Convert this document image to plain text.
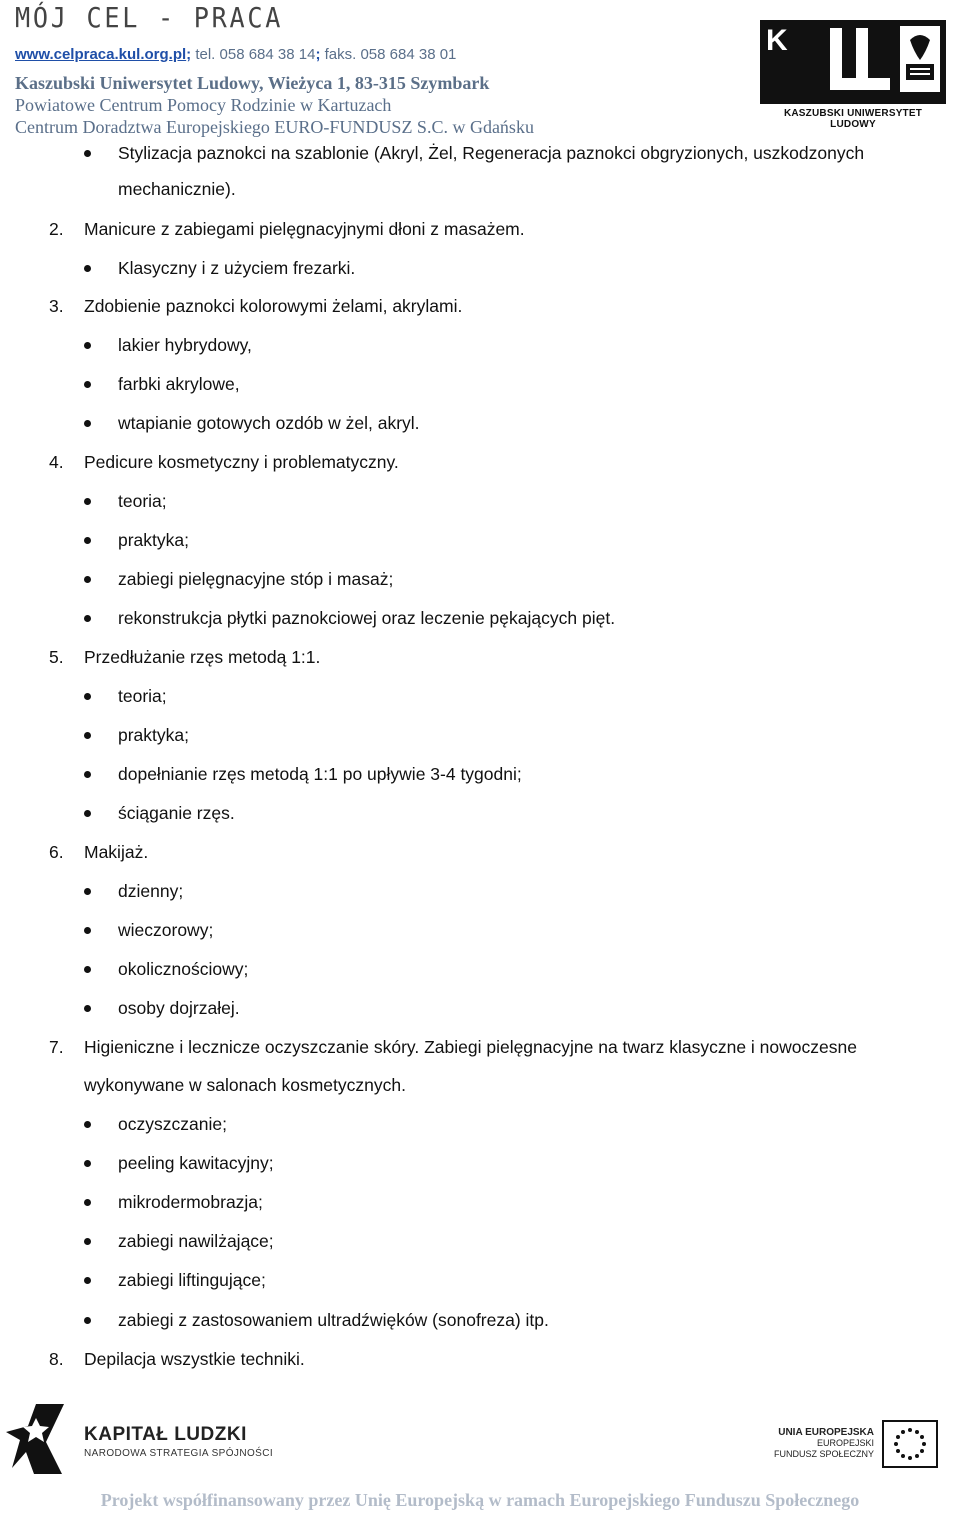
MÓJ CEL - PRACA
www.celpraca.kul.org.pl; tel. 058 684 38 14; faks. 058 684 38 01
Kaszubski Uniwersytet Ludowy, Wieżyca 1, 83-315 Szymbark
Powiatowe Centrum Pomocy Rodzinie w Kartuzach
Centrum Doradztwa Europejskiego EURO-FUNDUSZ S.C. w Gdańsku
K
KASZUBSKI UNIWERSYTET LUDOWY
Stylizacja paznokci na szablonie (Akryl, Żel, Regeneracja paznokci obgryzionych, uszkodzonych
mechanicznie).
2. Manicure z zabiegami pielęgnacyjnymi dłoni z masażem.
Klasyczny i z użyciem frezarki.
3. Zdobienie paznokci kolorowymi żelami, akrylami.
lakier hybrydowy,
farbki akrylowe,
wtapianie gotowych ozdób w żel, akryl.
4. Pedicure kosmetyczny i problematyczny.
teoria;
praktyka;
zabiegi pielęgnacyjne stóp i masaż;
rekonstrukcja płytki paznokciowej oraz leczenie pękających pięt.
5. Przedłużanie rzęs metodą 1:1.
teoria;
praktyka;
dopełnianie rzęs metodą 1:1 po upływie 3-4 tygodni;
ściąganie rzęs.
6. Makijaż.
dzienny;
wieczorowy;
okolicznościowy;
osoby dojrzałej.
7. Higieniczne i lecznicze oczyszczanie skóry. Zabiegi pielęgnacyjne na twarz klasyczne i nowoczesne
wykonywane w salonach kosmetycznych.
oczyszczanie;
peeling kawitacyjny;
mikrodermobrazja;
zabiegi nawilżające;
zabiegi liftingujące;
zabiegi z zastosowaniem ultradźwięków (sonofreza) itp.
8. Depilacja wszystkie techniki.
KAPITAŁ LUDZKI
NARODOWA STRATEGIA SPÓJNOŚCI
UNIA EUROPEJSKA
EUROPEJSKI
FUNDUSZ SPOŁECZNY
Projekt współfinansowany przez Unię Europejską w ramach Europejskiego Funduszu Społecznego
